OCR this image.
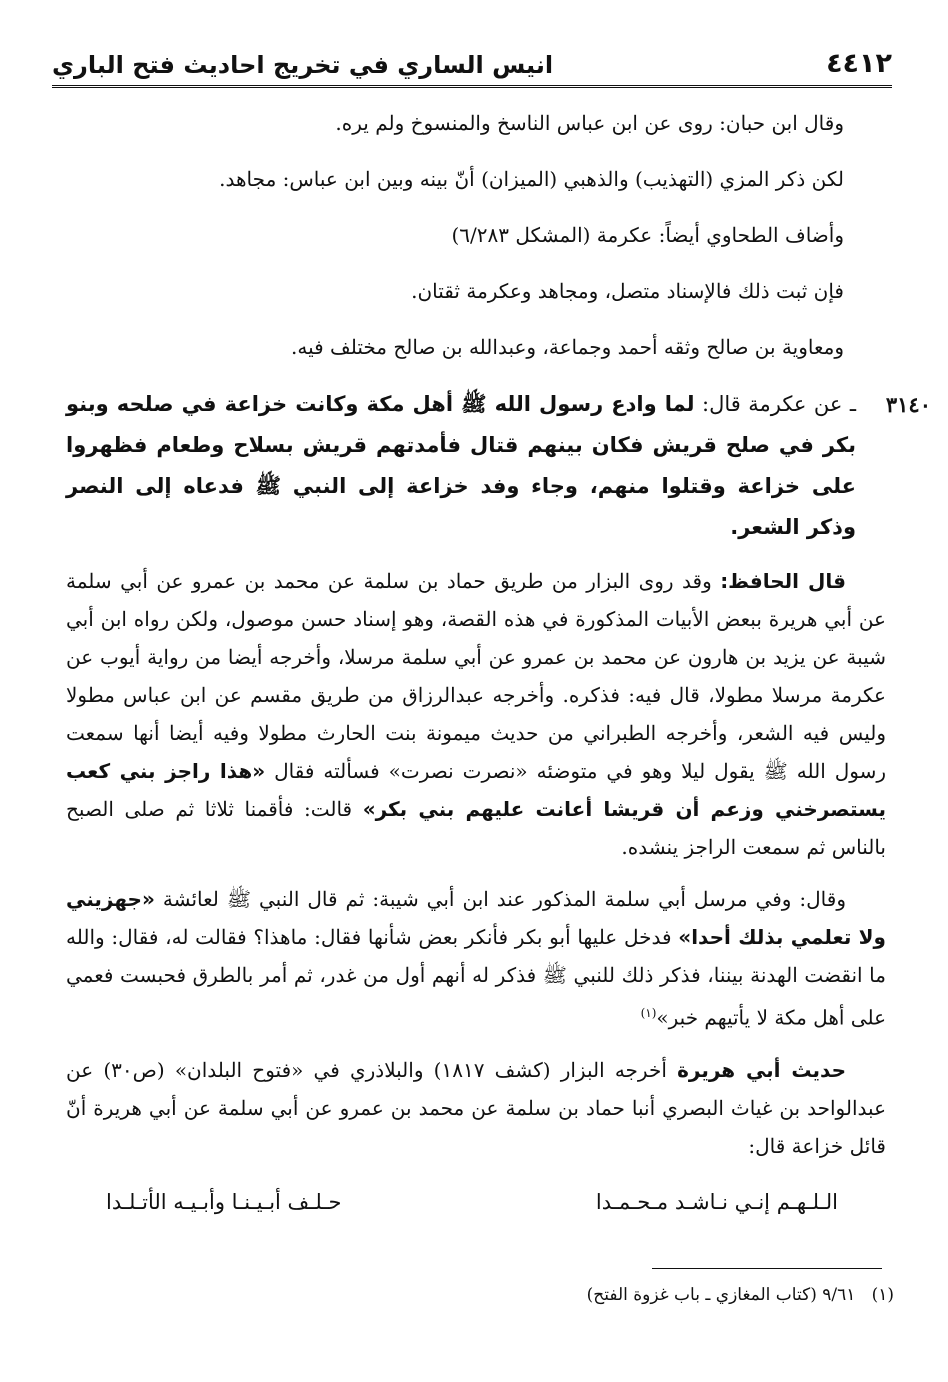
٤٤١٢
انيس الساري في تخريج احاديث فتح الباري

وقال ابن حبان: روى عن ابن عباس الناسخ والمنسوخ ولم يره.

لكن ذكر المزي (التهذيب) والذهبي (الميزان) أنّ بينه وبين ابن عباس: مجاهد.

وأضاف الطحاوي أيضاً: عكرمة (المشكل ٦/٢٨٣)

فإن ثبت ذلك فالإسناد متصل، ومجاهد وعكرمة ثقتان.

ومعاوية بن صالح وثقه أحمد وجماعة، وعبدالله بن صالح مختلف فيه.

٣١٤٠
ـ عن عكرمة قال: لما وادع رسول الله ﷺ أهل مكة وكانت خزاعة في صلحه وبنو بكر في صلح قريش فكان بينهم قتال فأمدتهم قريش بسلاح وطعام فظهروا على خزاعة وقتلوا منهم، وجاء وفد خزاعة إلى النبي ﷺ فدعاه إلى النصر وذكر الشعر.

قال الحافظ: وقد روى البزار من طريق حماد بن سلمة عن محمد بن عمرو عن أبي سلمة عن أبي هريرة ببعض الأبيات المذكورة في هذه القصة، وهو إسناد حسن موصول، ولكن رواه ابن أبي شيبة عن يزيد بن هارون عن محمد بن عمرو عن أبي سلمة مرسلا، وأخرجه أيضا من رواية أيوب عن عكرمة مرسلا مطولا، قال فيه: فذكره. وأخرجه عبدالرزاق من طريق مقسم عن ابن عباس مطولا وليس فيه الشعر، وأخرجه الطبراني من حديث ميمونة بنت الحارث مطولا وفيه أيضا أنها سمعت رسول الله ﷺ يقول ليلا وهو في متوضئه «نصرت نصرت» فسألته فقال «هذا راجز بني كعب يستصرخني وزعم أن قريشا أعانت عليهم بني بكر» قالت: فأقمنا ثلاثا ثم صلى الصبح بالناس ثم سمعت الراجز ينشده.

وقال: وفي مرسل أبي سلمة المذكور عند ابن أبي شيبة: ثم قال النبي ﷺ لعائشة «جهزيني ولا تعلمي بذلك أحدا» فدخل عليها أبو بكر فأنكر بعض شأنها فقال: ماهذا؟ فقالت له، فقال: والله ما انقضت الهدنة بيننا، فذكر ذلك للنبي ﷺ فذكر له أنهم أول من غدر، ثم أمر بالطرق فحبست فعمي على أهل مكة لا يأتيهم خبر»$^{(١)}$

حديث أبي هريرة أخرجه البزار (كشف ١٨١٧) والبلاذري في «فتوح البلدان» (ص٣٠) عن عبدالواحد بن غياث البصري أنبا حماد بن سلمة عن محمد بن عمرو عن أبي سلمة عن أبي هريرة أنّ قائل خزاعة قال:

الـلـهـم إنـي نـاشـد مـحـمـدا
حـلـف أبـيـنـا وأبـيـه الأتـلـدا
(١)   ٩/٦١ (كتاب المغازي ـ باب غزوة الفتح)
